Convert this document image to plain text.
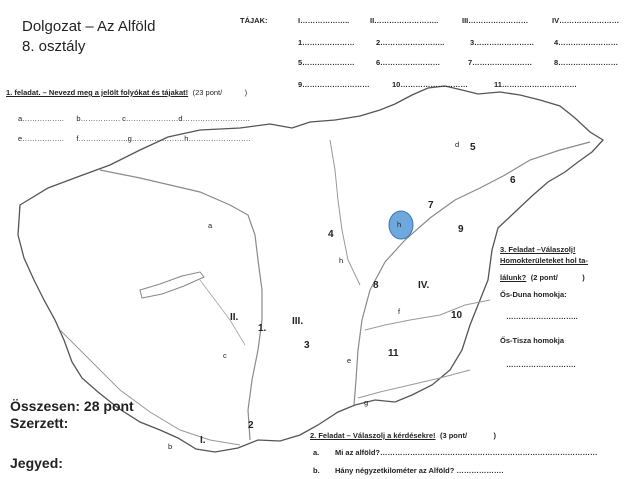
Dolgozat – Az Alföld
8. osztály
TÁJAK:	I………………..	II……………………..	III……………………	IV……………………
1…………………	2……………………..	3……………………	4……………………
5…………………	6……………………	7……………………	8……………………
9………………………	10………………………	11…………………………
1. feladat. – Nevezd meg a jelölt folyókat és tájakat! (23 pont/	)
a……………..      b……………. c…………………d………………………
e……………..      f………………..g…………………h…………………….
3. Feladat –Válaszolj!
Homokterületeket hol ta-
lálunk? (2 pont/	)
Ős-Duna homokja:
………………………..
Ős-Tisza homokja
……………………….
2. Feladat – Válaszolj a kérdésekre! (3 pont/	)
a. Mi az alföld?……………………………………………………………………………
b. Hány négyzetkilométer az Alföld? ……………….
Összesen: 28 pont
Szerzett:
Jegyed:
1.
2
3
4
5
6
7
8
9
10
11
I.
II.	III.
IV.
a
b
c
d
e
f
g
h
h
